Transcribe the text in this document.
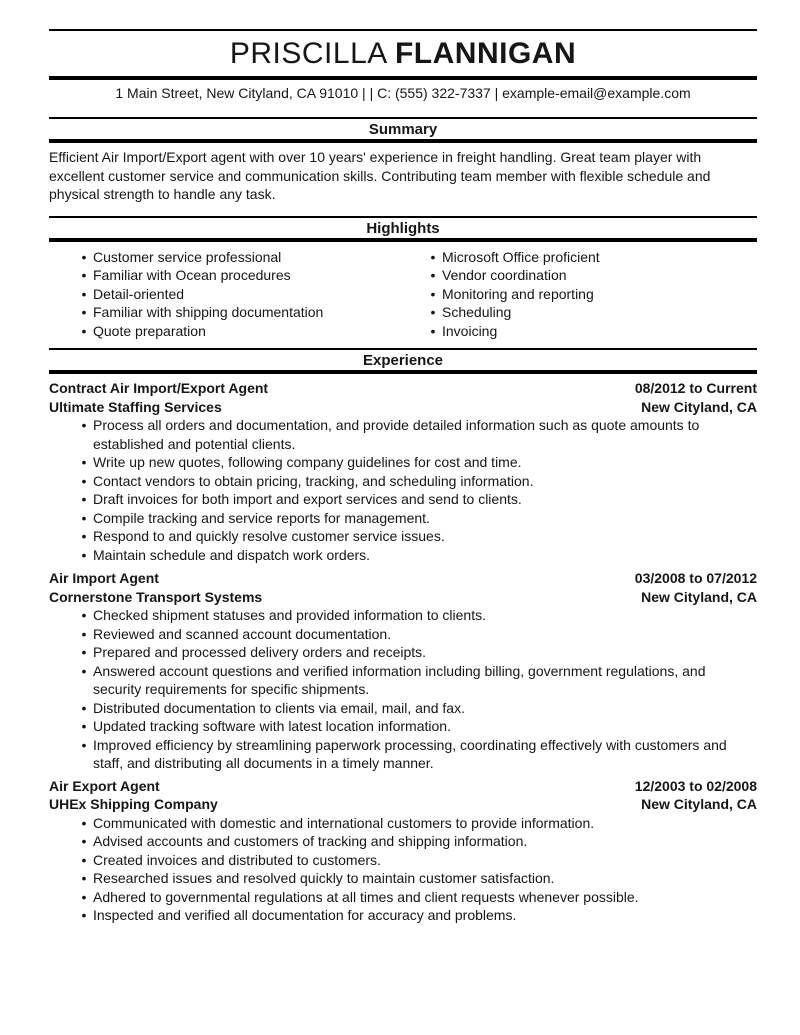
PRISCILLA FLANNIGAN
1 Main Street, New Cityland, CA 91010 | | C: (555) 322-7337 | example-email@example.com
Summary
Efficient Air Import/Export agent with over 10 years' experience in freight handling. Great team player with excellent customer service and communication skills. Contributing team member with flexible schedule and physical strength to handle any task.
Highlights
•
Customer service professional
•
Familiar with Ocean procedures
•
Detail-oriented
•
Familiar with shipping documentation
•
Quote preparation
•
Microsoft Office proficient
•
Vendor coordination
•
Monitoring and reporting
•
Scheduling
•
Invoicing
Experience
Contract Air Import/Export Agent	08/2012 to Current
Ultimate Staffing Services	New Cityland, CA
•
Process all orders and documentation, and provide detailed information such as quote amounts to established and potential clients.
•
Write up new quotes, following company guidelines for cost and time.
•
Contact vendors to obtain pricing, tracking, and scheduling information.
•
Draft invoices for both import and export services and send to clients.
•
Compile tracking and service reports for management.
•
Respond to and quickly resolve customer service issues.
•
Maintain schedule and dispatch work orders.
Air Import Agent	03/2008 to 07/2012
Cornerstone Transport Systems	New Cityland, CA
•
Checked shipment statuses and provided information to clients.
•
Reviewed and scanned account documentation.
•
Prepared and processed delivery orders and receipts.
•
Answered account questions and verified information including billing, government regulations, and security requirements for specific shipments.
•
Distributed documentation to clients via email, mail, and fax.
•
Updated tracking software with latest location information.
•
Improved efficiency by streamlining paperwork processing, coordinating effectively with customers and staff, and distributing all documents in a timely manner.
Air Export Agent	12/2003 to 02/2008
UHEx Shipping Company	New Cityland, CA
•
Communicated with domestic and international customers to provide information.
•
Advised accounts and customers of tracking and shipping information.
•
Created invoices and distributed to customers.
•
Researched issues and resolved quickly to maintain customer satisfaction.
•
Adhered to governmental regulations at all times and client requests whenever possible.
•
Inspected and verified all documentation for accuracy and problems.
